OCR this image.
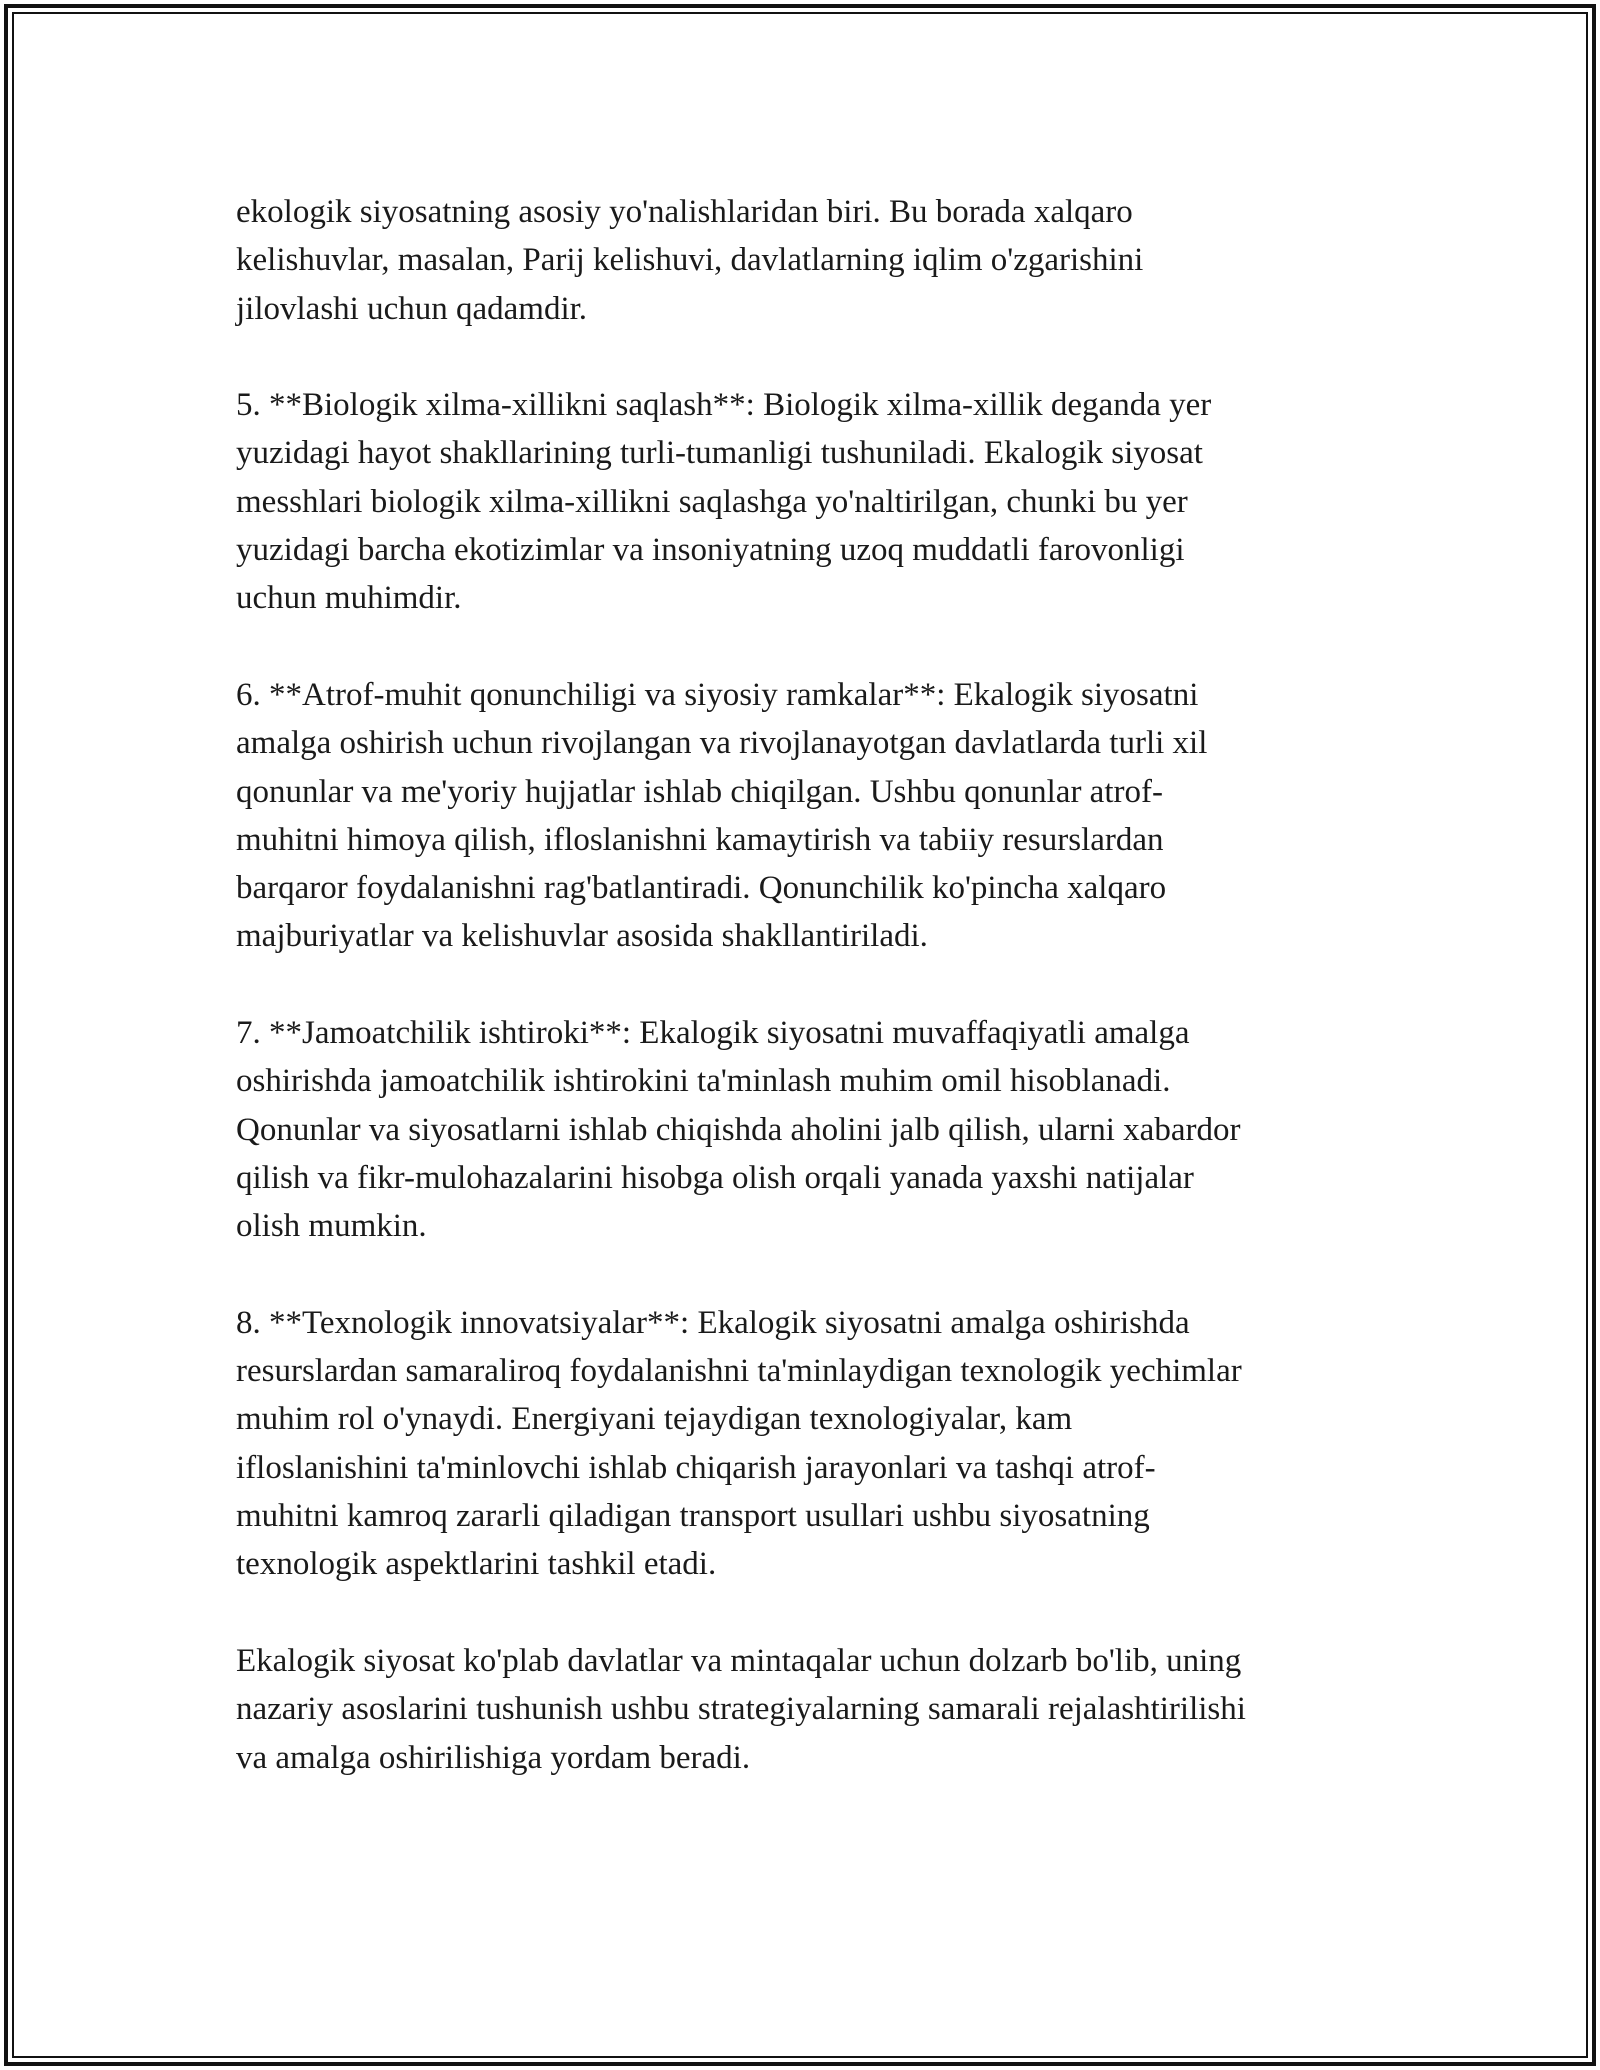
ekologik siyosatning asosiy yo'nalishlaridan biri. Bu borada xalqaro
kelishuvlar, masalan, Parij kelishuvi, davlatlarning iqlim o'zgarishini
jilovlashi uchun qadamdir.

5. **Biologik xilma-xillikni saqlash**: Biologik xilma-xillik deganda yer
yuzidagi hayot shakllarining turli-tumanligi tushuniladi. Ekalogik siyosat
messhlari biologik xilma-xillikni saqlashga yo'naltirilgan, chunki bu yer
yuzidagi barcha ekotizimlar va insoniyatning uzoq muddatli farovonligi
uchun muhimdir.

6. **Atrof-muhit qonunchiligi va siyosiy ramkalar**: Ekalogik siyosatni
amalga oshirish uchun rivojlangan va rivojlanayotgan davlatlarda turli xil
qonunlar va me'yoriy hujjatlar ishlab chiqilgan. Ushbu qonunlar atrof-
muhitni himoya qilish, ifloslanishni kamaytirish va tabiiy resurslardan
barqaror foydalanishni rag'batlantiradi. Qonunchilik ko'pincha xalqaro
majburiyatlar va kelishuvlar asosida shakllantiriladi.

7. **Jamoatchilik ishtiroki**: Ekalogik siyosatni muvaffaqiyatli amalga
oshirishda jamoatchilik ishtirokini ta'minlash muhim omil hisoblanadi.
Qonunlar va siyosatlarni ishlab chiqishda aholini jalb qilish, ularni xabardor
qilish va fikr-mulohazalarini hisobga olish orqali yanada yaxshi natijalar
olish mumkin.

8. **Texnologik innovatsiyalar**: Ekalogik siyosatni amalga oshirishda
resurslardan samaraliroq foydalanishni ta'minlaydigan texnologik yechimlar
muhim rol o'ynaydi. Energiyani tejaydigan texnologiyalar, kam
ifloslanishini ta'minlovchi ishlab chiqarish jarayonlari va tashqi atrof-
muhitni kamroq zararli qiladigan transport usullari ushbu siyosatning
texnologik aspektlarini tashkil etadi.

Ekalogik siyosat ko'plab davlatlar va mintaqalar uchun dolzarb bo'lib, uning
nazariy asoslarini tushunish ushbu strategiyalarning samarali rejalashtirilishi
va amalga oshirilishiga yordam beradi.
